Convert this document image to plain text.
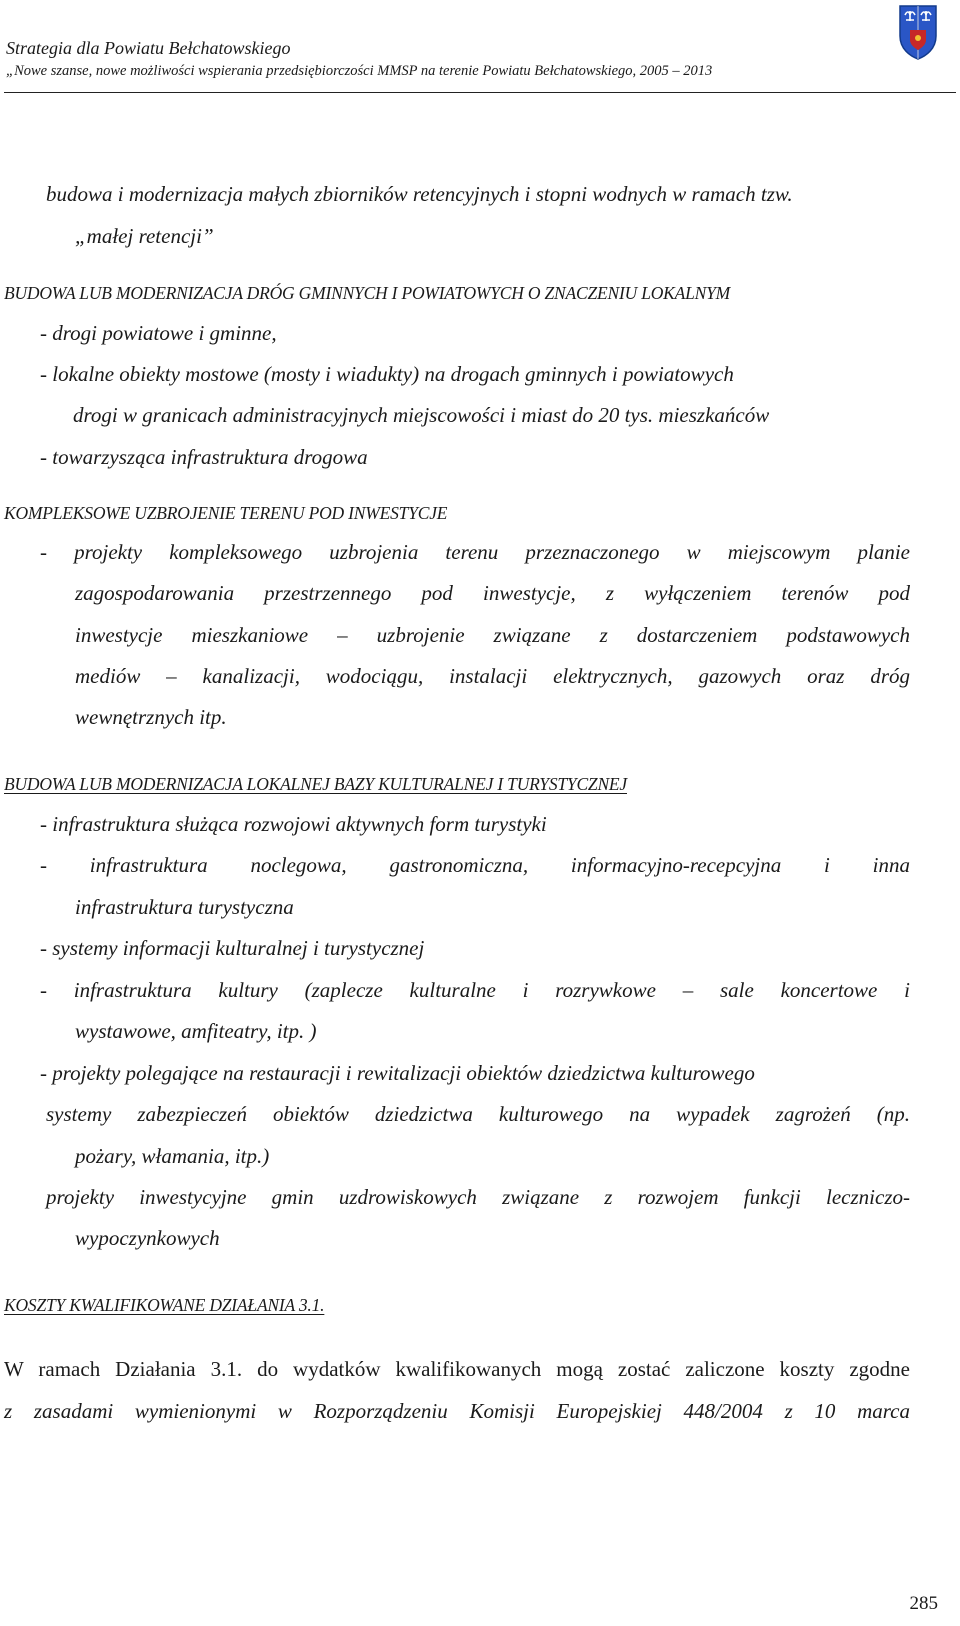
Strategia dla Powiatu Bełchatowskiego
„Nowe szanse, nowe możliwości wspierania przedsiębiorczości MMSP na terenie Powiatu Bełchatowskiego, 2005 – 2013
budowa i modernizacja małych zbiorników retencyjnych i stopni wodnych w ramach tzw.
„małej retencji”
BUDOWA LUB MODERNIZACJA DRÓG GMINNYCH I POWIATOWYCH O ZNACZENIU LOKALNYM
- drogi powiatowe i gminne,
- lokalne obiekty mostowe (mosty i wiadukty) na drogach gminnych i powiatowych
drogi w granicach administracyjnych miejscowości i miast do 20 tys. mieszkańców
- towarzysząca infrastruktura drogowa
KOMPLEKSOWE UZBROJENIE TERENU POD INWESTYCJE
- projekty kompleksowego uzbrojenia terenu przeznaczonego w miejscowym planie
zagospodarowania przestrzennego pod inwestycje, z wyłączeniem terenów pod
inwestycje mieszkaniowe – uzbrojenie związane z dostarczeniem podstawowych
mediów – kanalizacji, wodociągu, instalacji elektrycznych, gazowych oraz dróg
wewnętrznych itp.
BUDOWA LUB MODERNIZACJA LOKALNEJ BAZY KULTURALNEJ I TURYSTYCZNEJ
- infrastruktura służąca rozwojowi aktywnych form turystyki
- infrastruktura noclegowa, gastronomiczna, informacyjno-recepcyjna i inna
infrastruktura turystyczna
- systemy informacji kulturalnej i turystycznej
- infrastruktura kultury (zaplecze kulturalne i rozrywkowe – sale koncertowe i
wystawowe, amfiteatry, itp. )
- projekty polegające na restauracji i rewitalizacji obiektów dziedzictwa kulturowego
systemy zabezpieczeń obiektów dziedzictwa kulturowego na wypadek zagrożeń (np.
pożary, włamania, itp.)
projekty inwestycyjne gmin uzdrowiskowych związane z rozwojem funkcji leczniczo-
wypoczynkowych
KOSZTY KWALIFIKOWANE DZIAŁANIA 3.1.
W ramach Działania 3.1. do wydatków kwalifikowanych mogą zostać zaliczone koszty zgodne
z zasadami wymienionymi w Rozporządzeniu Komisji Europejskiej 448/2004 z 10 marca
285
